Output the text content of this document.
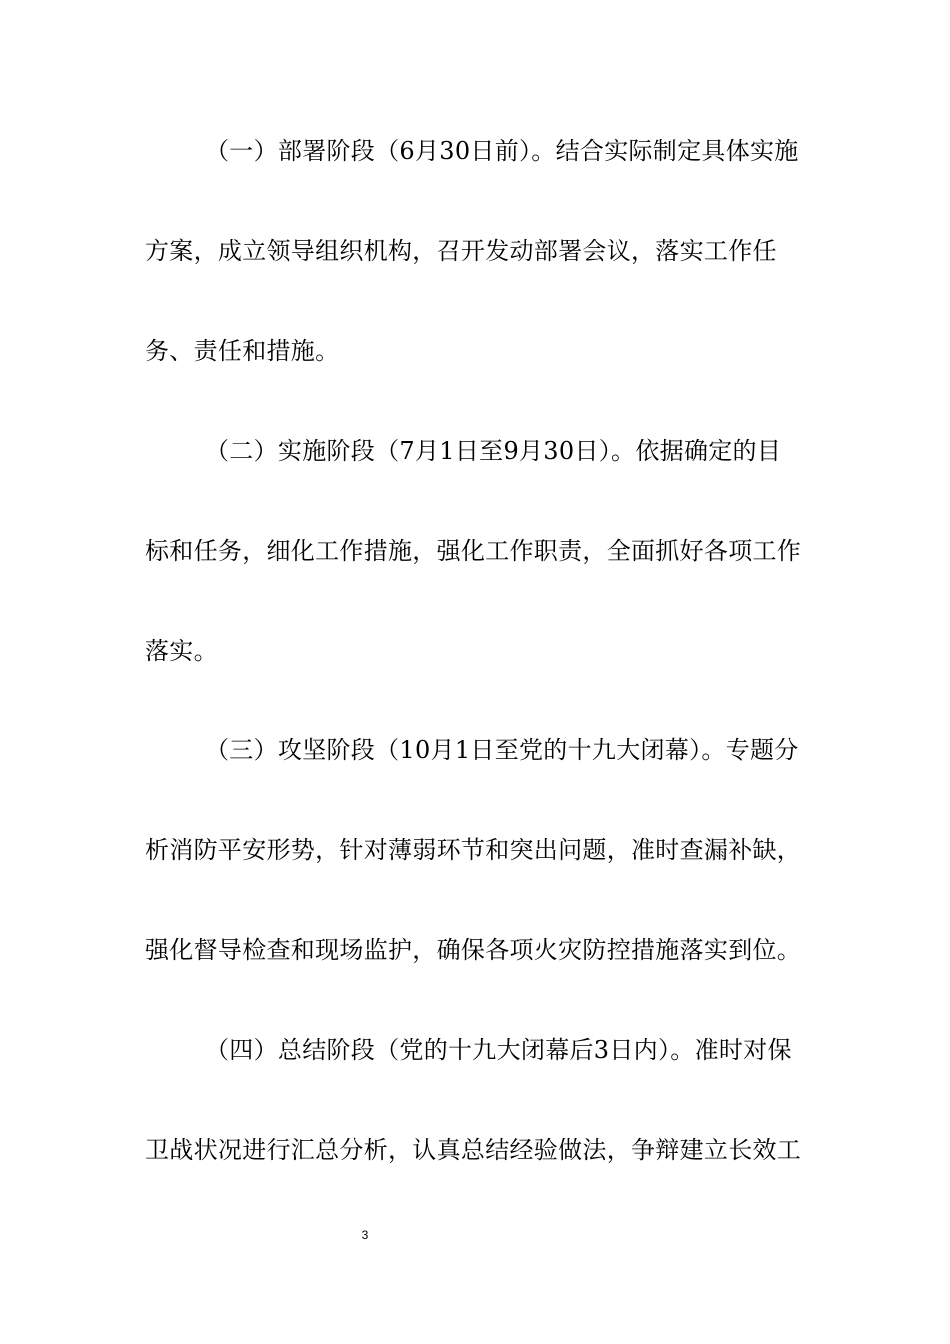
（一）部署阶段（6月30日前）。结合实际制定具体实施
方案，成立领导组织机构，召开发动部署会议，落实工作任
务、责任和措施。
（二）实施阶段（7月1日至9月30日）。依据确定的目
标和任务，细化工作措施，强化工作职责，全面抓好各项工作
落实。
（三）攻坚阶段（10月1日至党的十九大闭幕）。专题分
析消防平安形势，针对薄弱环节和突出问题，准时查漏补缺，
强化督导检查和现场监护，确保各项火灾防控措施落实到位。
（四）总结阶段（党的十九大闭幕后3日内）。准时对保
卫战状况进行汇总分析，认真总结经验做法，争辩建立长效工
3
